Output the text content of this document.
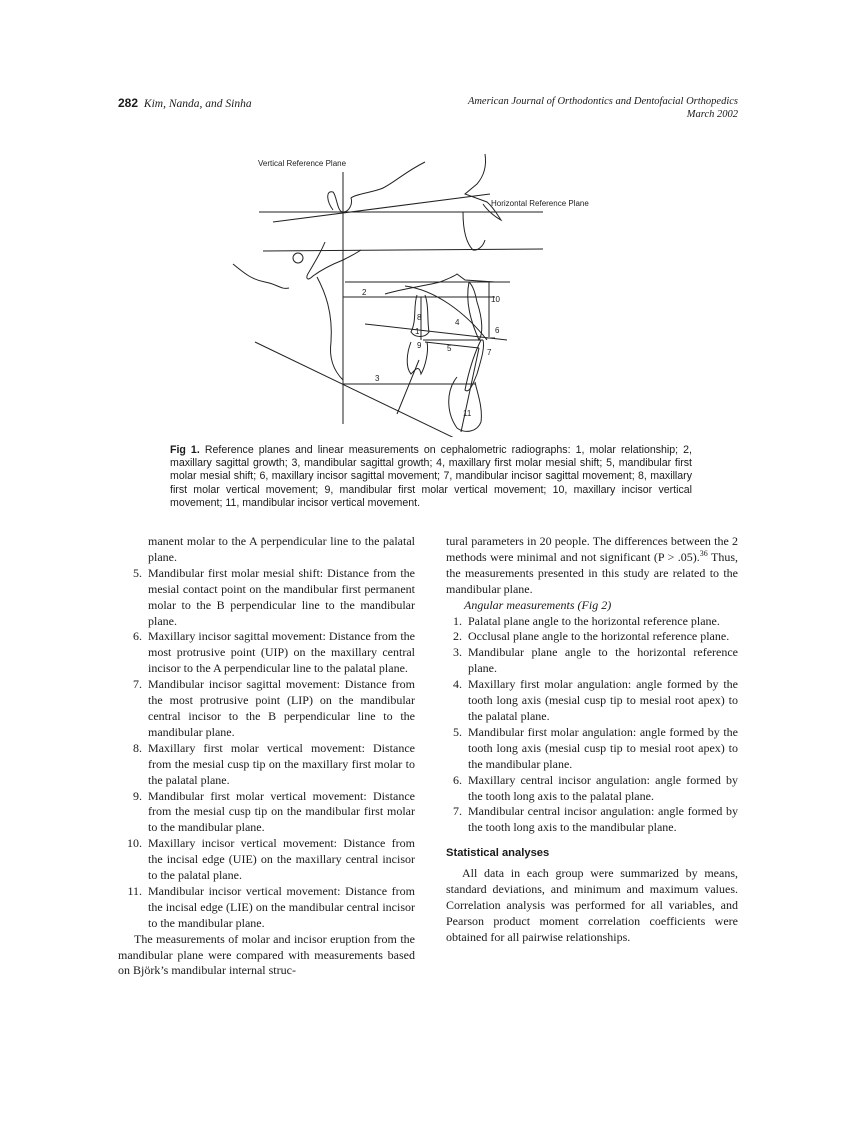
282 Kim, Nanda, and Sinha	American Journal of Orthodontics and Dentofacial Orthopedics
March 2002
Vertical Reference Plane
Horizontal Reference Plane
1
2
3
4
5
6
7
8
9
10
11
Fig 1. Reference planes and linear measurements on cephalometric radiographs: 1, molar relationship; 2, maxillary sagittal growth; 3, mandibular sagittal growth; 4, maxillary first molar mesial shift; 5, mandibular first molar mesial shift; 6, maxillary incisor sagittal movement; 7, mandibular incisor sagittal movement; 8, maxillary first molar vertical movement; 9, mandibular first molar vertical movement; 10, maxillary incisor vertical movement; 11, mandibular incisor vertical movement.

manent molar to the A perpendicular line to the palatal plane.

5. Mandibular first molar mesial shift: Distance from the mesial contact point on the mandibular first permanent molar to the B perpendicular line to the mandibular plane.
6. Maxillary incisor sagittal movement: Distance from the most protrusive point (UIP) on the maxillary central incisor to the A perpendicular line to the palatal plane.
7. Mandibular incisor sagittal movement: Distance from the most protrusive point (LIP) on the mandibular central incisor to the B perpendicular line to the mandibular plane.
8. Maxillary first molar vertical movement: Distance from the mesial cusp tip on the maxillary first molar to the palatal plane.
9. Mandibular first molar vertical movement: Distance from the mesial cusp tip on the mandibular first molar to the mandibular plane.
10. Maxillary incisor vertical movement: Distance from the incisal edge (UIE) on the maxillary central incisor to the palatal plane.
11. Mandibular incisor vertical movement: Distance from the incisal edge (LIE) on the mandibular central incisor to the mandibular plane.

The measurements of molar and incisor eruption from the mandibular plane were compared with measurements based on Björk’s mandibular internal struc-

tural parameters in 20 people. The differences between the 2 methods were minimal and not significant (P > .05).$^{36}$ Thus, the measurements presented in this study are related to the mandibular plane.

Angular measurements (Fig 2)

1. Palatal plane angle to the horizontal reference plane.
2. Occlusal plane angle to the horizontal reference plane.
3. Mandibular plane angle to the horizontal reference plane.
4. Maxillary first molar angulation: angle formed by the tooth long axis (mesial cusp tip to mesial root apex) to the palatal plane.
5. Mandibular first molar angulation: angle formed by the tooth long axis (mesial cusp tip to mesial root apex) to the mandibular plane.
6. Maxillary central incisor angulation: angle formed by the tooth long axis to the palatal plane.
7. Mandibular central incisor angulation: angle formed by the tooth long axis to the mandibular plane.
Statistical analyses

All data in each group were summarized by means, standard deviations, and minimum and maximum values. Correlation analysis was performed for all variables, and Pearson product moment correlation coefficients were obtained for all pairwise relationships.
